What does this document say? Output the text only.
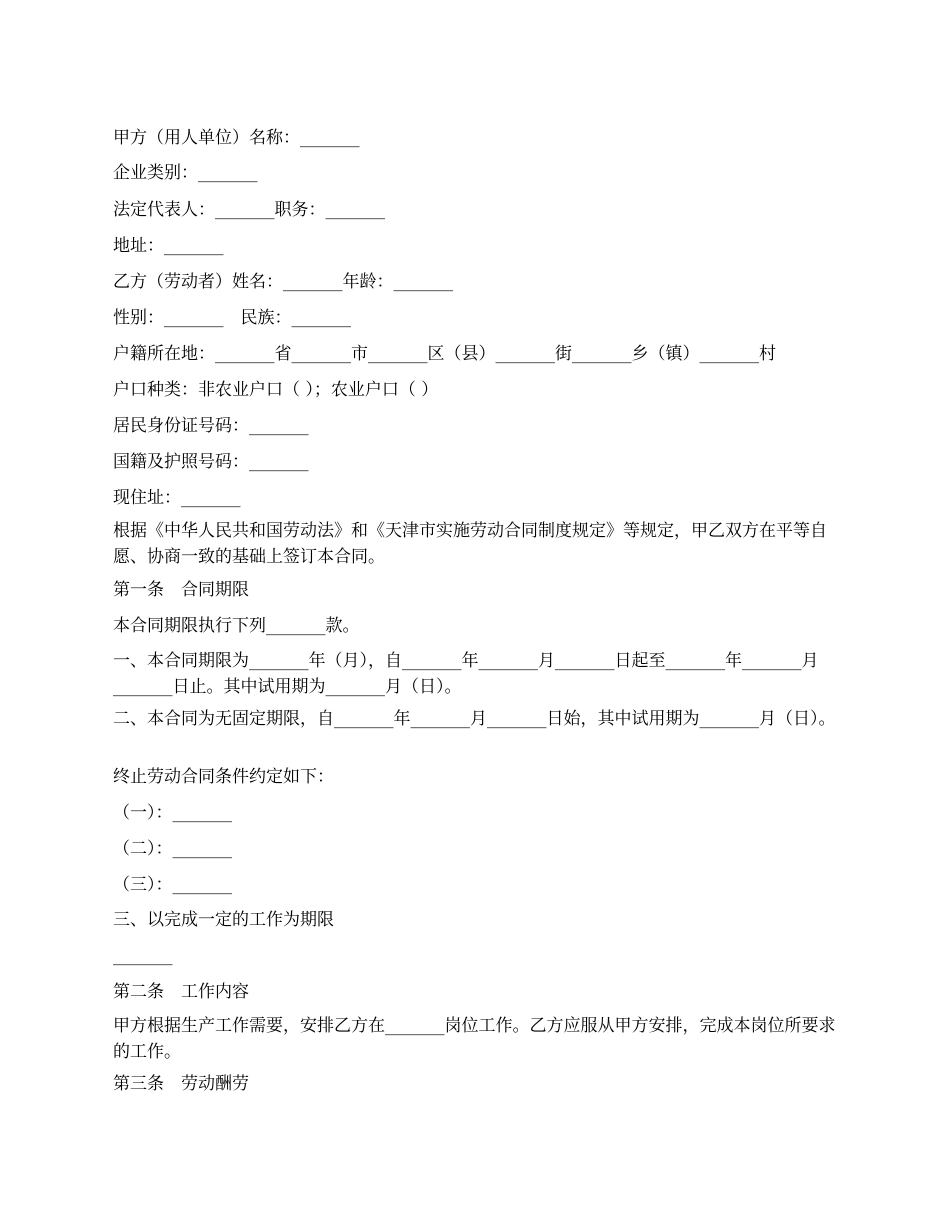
甲方（用人单位）名称：_______
企业类别：_______
法定代表人：_______职务：_______
地址：_______
乙方（劳动者）姓名：_______年龄：_______
性别：_______　民族：_______
户籍所在地：_______省_______市_______区（县）_______街_______乡（镇）_______村
户口种类：非农业户口（ ）；农业户口（ ）
居民身份证号码：_______
国籍及护照号码：_______
现住址：_______
根据《中华人民共和国劳动法》和《天津市实施劳动合同制度规定》等规定，甲乙双方在平等自愿、协商一致的基础上签订本合同。
第一条　合同期限
本合同期限执行下列_______款。
一、本合同期限为_______年（月），自_______年_______月_______日起至_______年_______月_______日止。其中试用期为_______月（日）。
二、本合同为无固定期限，自_______年_______月_______日始，其中试用期为_______月（日）。
终止劳动合同条件约定如下：
（一）：_______
（二）：_______
（三）：_______
三、以完成一定的工作为期限
_______
第二条　工作内容
甲方根据生产工作需要，安排乙方在_______岗位工作。乙方应服从甲方安排，完成本岗位所要求的工作。
第三条　劳动酬劳
